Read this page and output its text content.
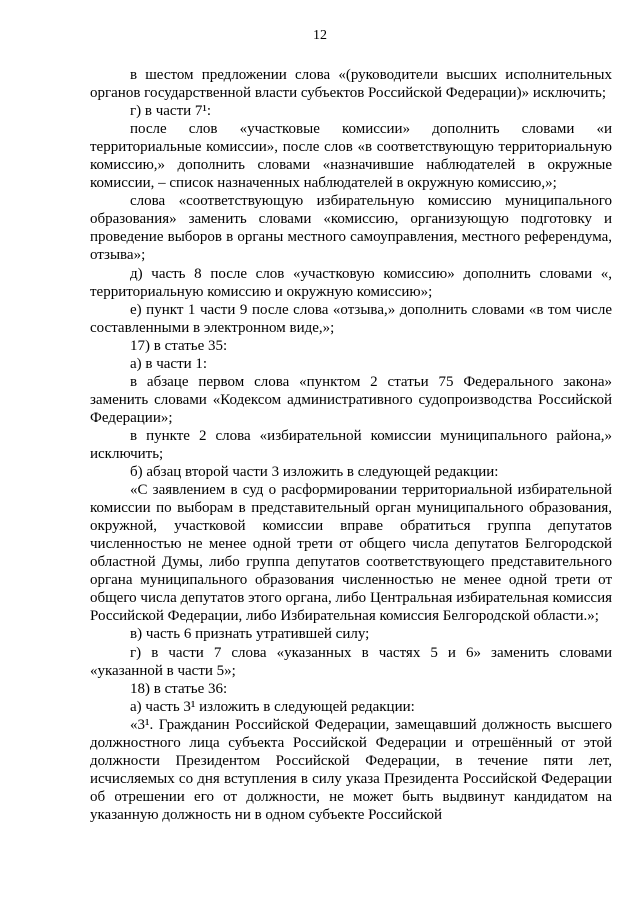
12

в шестом предложении слова «(руководители высших исполнительных органов государственной власти субъектов Российской Федерации)» исключить;

г) в части 7¹:

после слов «участковые комиссии» дополнить словами «и территориальные комиссии», после слов «в соответствующую территориальную комиссию,» дополнить словами «назначившие наблюдателей в окружные комиссии, – список назначенных наблюдателей в окружную комиссию,»;

слова «соответствующую избирательную комиссию муниципального образования» заменить словами «комиссию, организующую подготовку и проведение выборов в органы местного самоуправления, местного референдума, отзыва»;

д) часть 8 после слов «участковую комиссию» дополнить словами «, территориальную комиссию и окружную комиссию»;

е) пункт 1 части 9 после слова «отзыва,» дополнить словами «в том числе составленными в электронном виде,»;

17) в статье 35:

а) в части 1:

в абзаце первом слова «пунктом 2 статьи 75 Федерального закона» заменить словами «Кодексом административного судопроизводства Российской Федерации»;

в пункте 2 слова «избирательной комиссии муниципального района,» исключить;

б) абзац второй части 3 изложить в следующей редакции:

«С заявлением в суд о расформировании территориальной избирательной комиссии по выборам в представительный орган муниципального образования, окружной, участковой комиссии вправе обратиться группа депутатов численностью не менее одной трети от общего числа депутатов Белгородской областной Думы, либо группа депутатов соответствующего представительного органа муниципального образования численностью не менее одной трети от общего числа депутатов этого органа, либо Центральная избирательная комиссия Российской Федерации, либо Избирательная комиссия Белгородской области.»;

в) часть 6 признать утратившей силу;

г) в части 7 слова «указанных в частях 5 и 6» заменить словами «указанной в части 5»;

18) в статье 36:

а) часть 3¹ изложить в следующей редакции:

«3¹. Гражданин Российской Федерации, замещавший должность высшего должностного лица субъекта Российской Федерации и отрешённый от этой должности Президентом Российской Федерации, в течение пяти лет, исчисляемых со дня вступления в силу указа Президента Российской Федерации об отрешении его от должности, не может быть выдвинут кандидатом на указанную должность ни в одном субъекте Российской
